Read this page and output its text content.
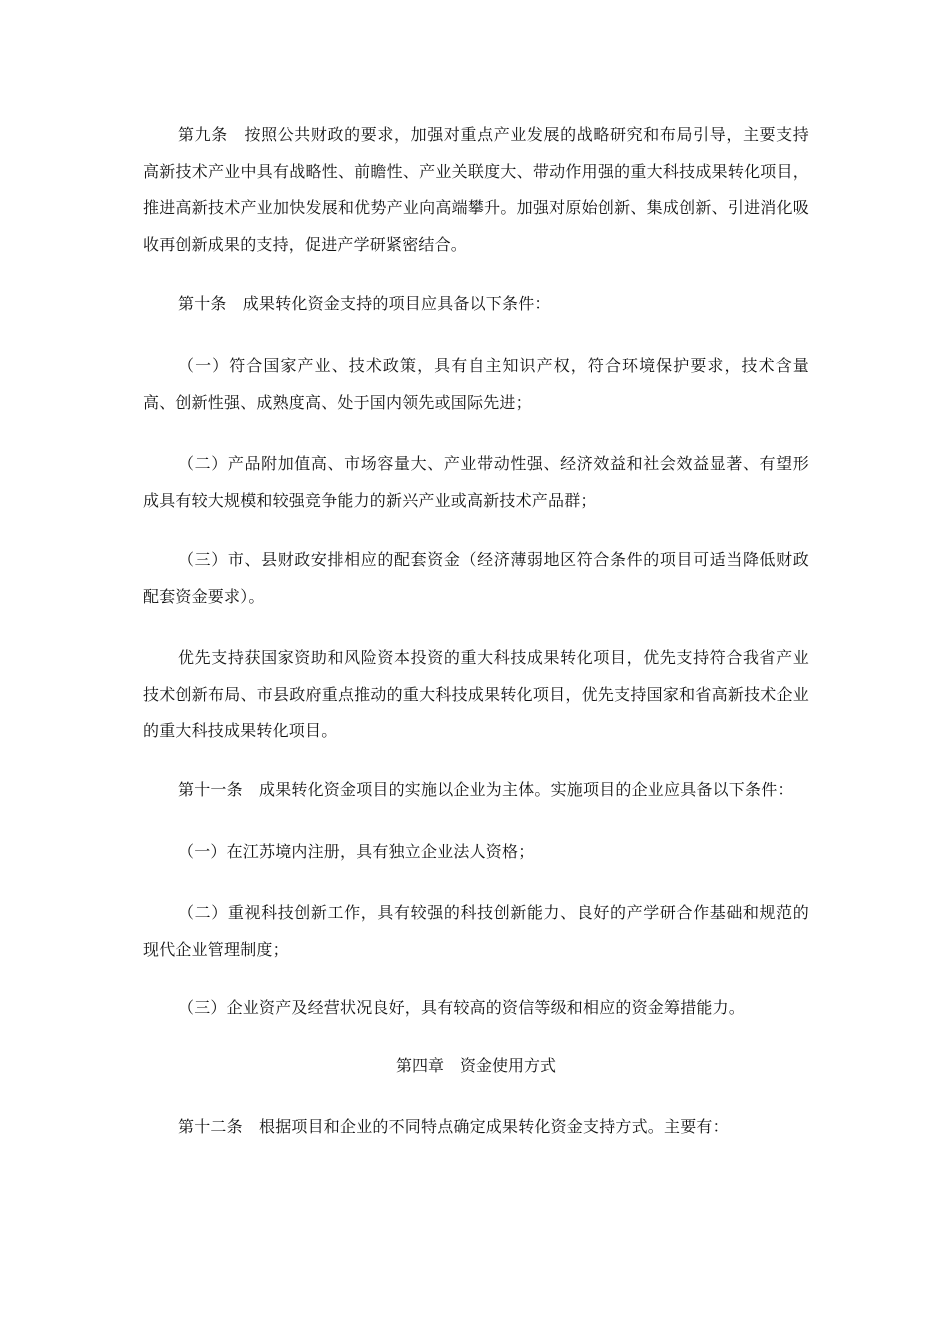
第九条　按照公共财政的要求，加强对重点产业发展的战略研究和布局引导，主要支持高新技术产业中具有战略性、前瞻性、产业关联度大、带动作用强的重大科技成果转化项目，推进高新技术产业加快发展和优势产业向高端攀升。加强对原始创新、集成创新、引进消化吸收再创新成果的支持，促进产学研紧密结合。

第十条　成果转化资金支持的项目应具备以下条件：

（一）符合国家产业、技术政策，具有自主知识产权，符合环境保护要求，技术含量高、创新性强、成熟度高、处于国内领先或国际先进；

（二）产品附加值高、市场容量大、产业带动性强、经济效益和社会效益显著、有望形成具有较大规模和较强竞争能力的新兴产业或高新技术产品群；

（三）市、县财政安排相应的配套资金（经济薄弱地区符合条件的项目可适当降低财政配套资金要求）。

优先支持获国家资助和风险资本投资的重大科技成果转化项目，优先支持符合我省产业技术创新布局、市县政府重点推动的重大科技成果转化项目，优先支持国家和省高新技术企业的重大科技成果转化项目。

第十一条　成果转化资金项目的实施以企业为主体。实施项目的企业应具备以下条件：

（一）在江苏境内注册，具有独立企业法人资格；

（二）重视科技创新工作，具有较强的科技创新能力、良好的产学研合作基础和规范的现代企业管理制度；

（三）企业资产及经营状况良好，具有较高的资信等级和相应的资金筹措能力。

第四章　资金使用方式

第十二条　根据项目和企业的不同特点确定成果转化资金支持方式。主要有：
